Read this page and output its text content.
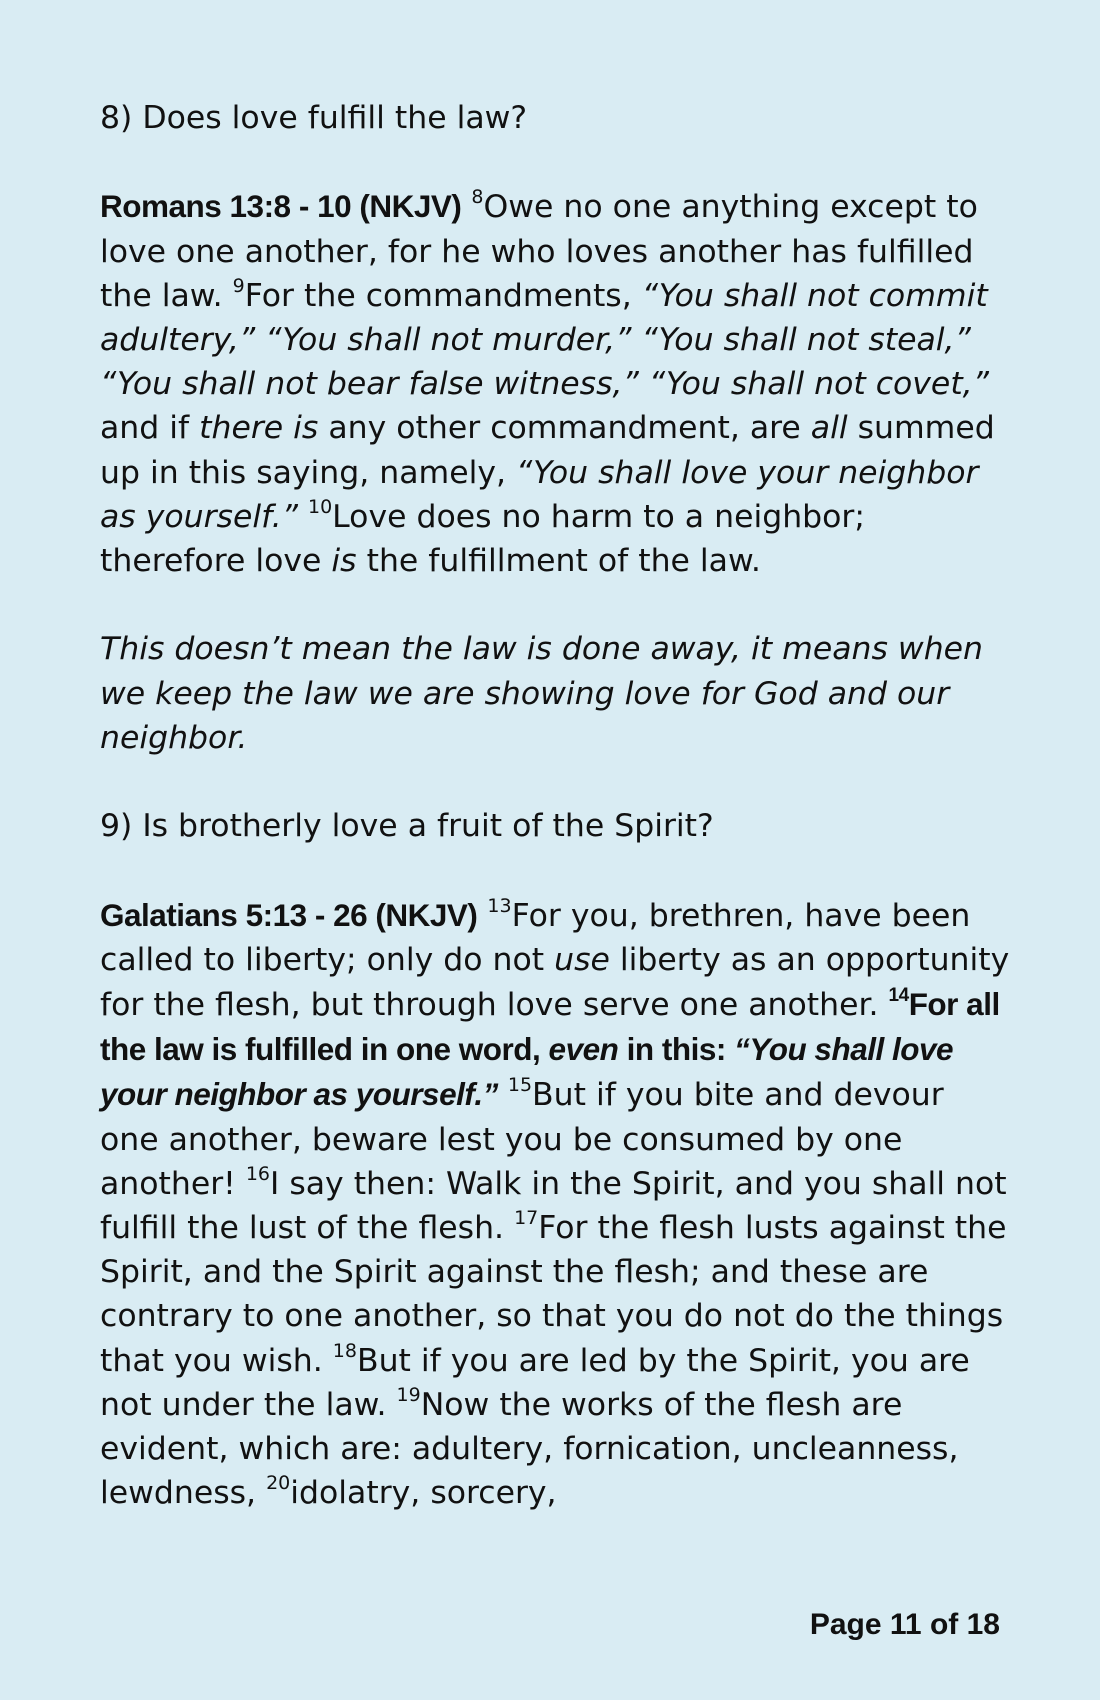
8) Does love fulfill the law?

Romans 13:8 - 10 (NKJV) $^8$Owe no one anything except to love one another, for he who loves another has fulfilled the law. $^9$For the commandments, “You shall not commit adultery,” “You shall not murder,” “You shall not steal,” “You shall not bear false witness,” “You shall not covet,” and if there is any other commandment, are all summed up in this saying, namely, “You shall love your neighbor as yourself.” $^{10}$Love does no harm to a neighbor; therefore love is the fulfillment of the law.

This doesn’t mean the law is done away, it means when we keep the law we are showing love for God and our neighbor.

9) Is brotherly love a fruit of the Spirit?

Galatians 5:13 - 26 (NKJV) $^{13}$For you, brethren, have been called to liberty; only do not use liberty as an opportunity for the flesh, but through love serve one another. $^{14}$For all the law is fulfilled in one word, even in this: “You shall love your neighbor as yourself.” $^{15}$But if you bite and devour one another, beware lest you be consumed by one another! $^{16}$I say then: Walk in the Spirit, and you shall not fulfill the lust of the flesh. $^{17}$For the flesh lusts against the Spirit, and the Spirit against the flesh; and these are contrary to one another, so that you do not do the things that you wish. $^{18}$But if you are led by the Spirit, you are not under the law. $^{19}$Now the works of the flesh are evident, which are: adultery, fornication, uncleanness, lewdness, $^{20}$idolatry, sorcery,

Page 11 of 18
